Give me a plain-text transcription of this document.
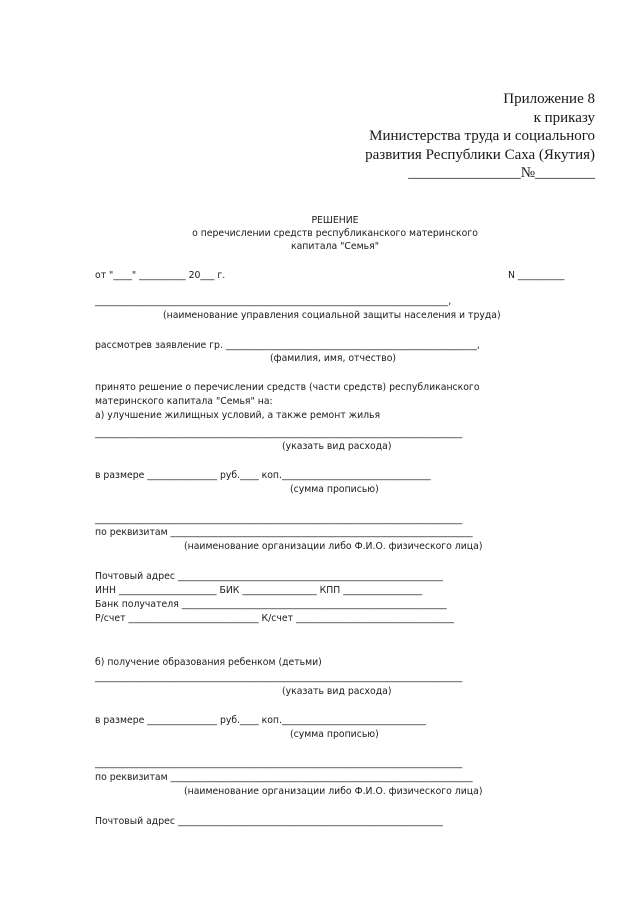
Приложение 8
к приказу
Министерства труда и социального
развития Республики Саха (Якутия)
_______________№________
РЕШЕНИЕ
о перечислении средств республиканского материнского
капитала "Семья"
от "____" __________ 20___ г.	N __________
____________________________________________________________________________,
(наименование управления социальной защиты населения и труда)
рассмотрев заявление гр. ______________________________________________________,
(фамилия, имя, отчество)
принято решение о перечислении средств (части средств) республиканского
материнского капитала "Семья" на:
а) улучшение жилищных условий, а также ремонт жилья
_______________________________________________________________________________
(указать вид расхода)
в размере _______________ руб.____ коп.________________________________
(сумма прописью)
_______________________________________________________________________________
по реквизитам _________________________________________________________________
(наименование организации либо Ф.И.О. физического лица)
Почтовый адрес _________________________________________________________
ИНН _____________________ БИК ________________ КПП _________________
Банк получателя _________________________________________________________
Р/счет ____________________________ К/счет __________________________________
б) получение образования ребенком (детьми)
_______________________________________________________________________________
(указать вид расхода)
в размере _______________ руб.____ коп._______________________________
(сумма прописью)
_______________________________________________________________________________
по реквизитам _________________________________________________________________
(наименование организации либо Ф.И.О. физического лица)
Почтовый адрес _________________________________________________________
